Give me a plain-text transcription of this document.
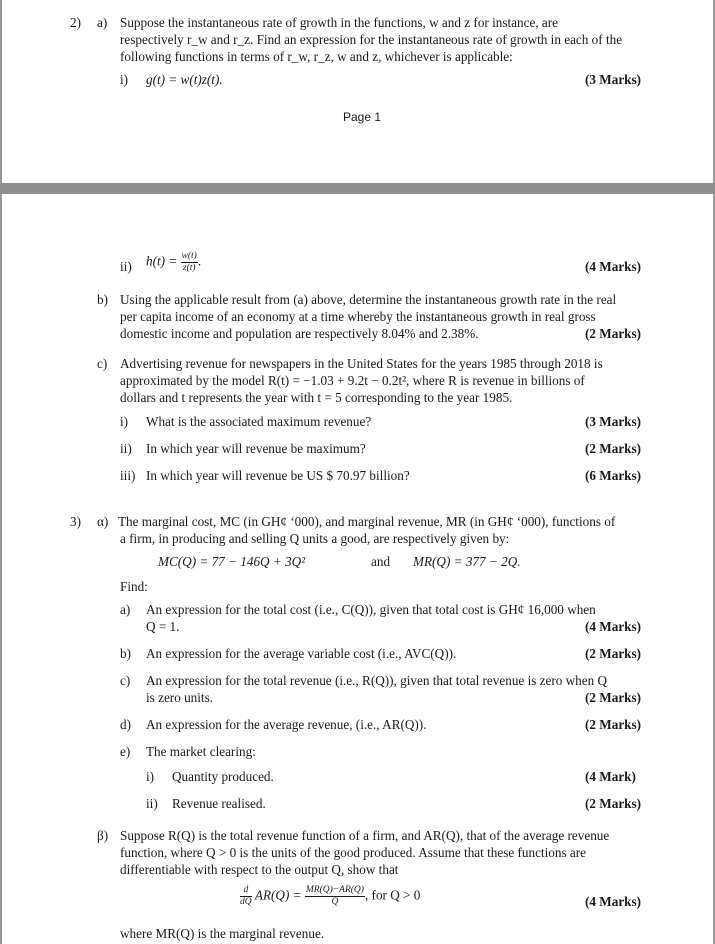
2) a) Suppose the instantaneous rate of growth in the functions, w and z for instance, are
respectively r_w and r_z. Find an expression for the instantaneous rate of growth in each of the
following functions in terms of r_w, r_z, w and z, whichever is applicable:
i) g(t) = w(t)z(t).	(3 Marks)
Page 1
ii) $h(t) = \frac{w(t)}{z(t)}$ .	(4 Marks)
b) Using the applicable result from (a) above, determine the instantaneous growth rate in the real
per capita income of an economy at a time whereby the instantaneous growth in real gross
domestic income and population are respectively 8.04% and 2.38%.	(2 Marks)
c) Advertising revenue for newspapers in the United States for the years 1985 through 2018 is
approximated by the model R(t) = −1.03 + 9.2t − 0.2t², where R is revenue in billions of
dollars and t represents the year with t = 5 corresponding to the year 1985.
i) What is the associated maximum revenue?	(3 Marks)
ii) In which year will revenue be maximum?	(2 Marks)
iii) In which year will revenue be US $ 70.97 billion?	(6 Marks)
3) α) The marginal cost, MC (in GH¢ ‘000), and marginal revenue, MR (in GH¢ ‘000), functions of
a firm, in producing and selling Q units a good, are respectively given by:
MC(Q) = 77 − 146Q + 3Q²	and MR(Q) = 377 − 2Q.
Find:
a) An expression for the total cost (i.e., C(Q)), given that total cost is GH¢ 16,000 when
Q = 1.	(4 Marks)
b) An expression for the average variable cost (i.e., AVC(Q)).	(2 Marks)
c) An expression for the total revenue (i.e., R(Q)), given that total revenue is zero when Q
is zero units.	(2 Marks)
d) An expression for the average revenue, (i.e., AR(Q)).	(2 Marks)
e) The market clearing:
i) Quantity produced.	(4 Mark)
ii) Revenue realised.	(2 Marks)
β) Suppose R(Q) is the total revenue function of a firm, and AR(Q), that of the average revenue
function, where Q > 0 is the units of the good produced. Assume that these functions are
differentiable with respect to the output Q, show that
$\frac{d}{dQ} AR(Q) = \frac{MR(Q)-AR(Q)}{Q}$ , for Q > 0	(4 Marks)
where MR(Q) is the marginal revenue.
